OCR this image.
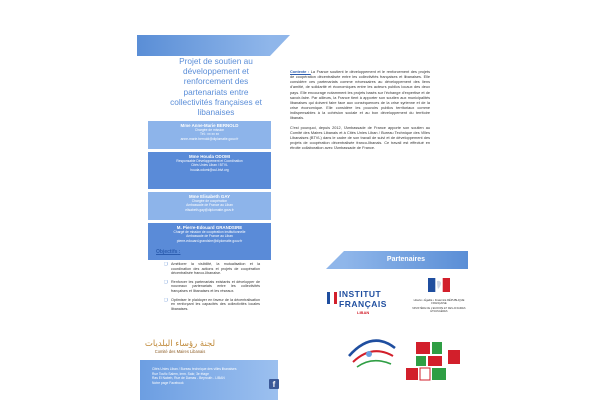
Projet de soutien au développement et renforcement des partenariats entre collectivités françaises et libanaises
Mme Anne-Marie BERNOLD
Chargée de mission
Tél.: xx xx xx
anne-marie.bernold@diplomatie.gouv.fr
Mme Houda ODOMI
Responsable Développement et Coordination
Cités Unies Liban / BTVL
houda.odomi@cul-btvl.org
Mme Elisabeth GAY
Chargée de coopération
Ambassade de France au Liban
elisabeth.gay@diplomatie.gouv.fr
M. Pierre-Edouard GRANDSIRE
Chargé de mission de coopération institutionnelle
Ambassade de France au Liban
pierre-edouard.grandsire@diplomatie.gouv.fr
Objectifs :
❑ Améliorer la visibilité, la mutualisation et la coordination des actions et projets de coopération décentralisée franco-libanaise.
❑ Renforcer les partenariats existants et développer de nouveaux partenariats entre les collectivités françaises et libanaises et les réseaux.
❑ Optimiser le plaidoyer en faveur de la décentralisation en renforçant les capacités des collectivités locales libanaises.
Cités Unies Liban / Bureau technique des villes libanaises
Rue Toufic Salem, imm. Sakr, 3e étage
Ras El Nabeh, Rue de Damas - Beyrouth - LIBAN
Notre page Facebook	f

Contexte : La France soutient le développement et le renforcement des projets de coopération décentralisée entre les collectivités françaises et libanaises. Elle considère ces partenariats comme nécessaires au développement des liens d'amitié, de solidarité et économiques entre les acteurs publics locaux des deux pays. Elle encourage notamment les projets basés sur l'échange d'expertise et de savoir-faire. Par ailleurs, la France tient à apporter son soutien aux municipalités libanaises qui doivent faire face aux conséquences de la crise syrienne et de la crise économique. Elle considère les pouvoirs publics territoriaux comme indispensables à la cohésion sociale et au bon développement du territoire libanais.

C'est pourquoi, depuis 2012, l'Ambassade de France apporte son soutien au Comité des Maires Libanais et à Cités Unies Liban / Bureau Technique des Villes Libanaises (BTVL) dans le cadre de son travail de suivi et de développement des projets de coopération décentralisée franco-libanais. Ce travail est effectué en étroite collaboration avec l'Ambassade de France.

Partenaires
INSTITUT
FRANÇAIS
LIBAN
Liberté • Égalité • Fraternité RÉPUBLIQUE FRANÇAISE
MINISTÈRE DE L'EUROPE ET DES AFFAIRES ÉTRANGÈRES
لجنة رؤساء البلديات
Comité des Maires Libanais
